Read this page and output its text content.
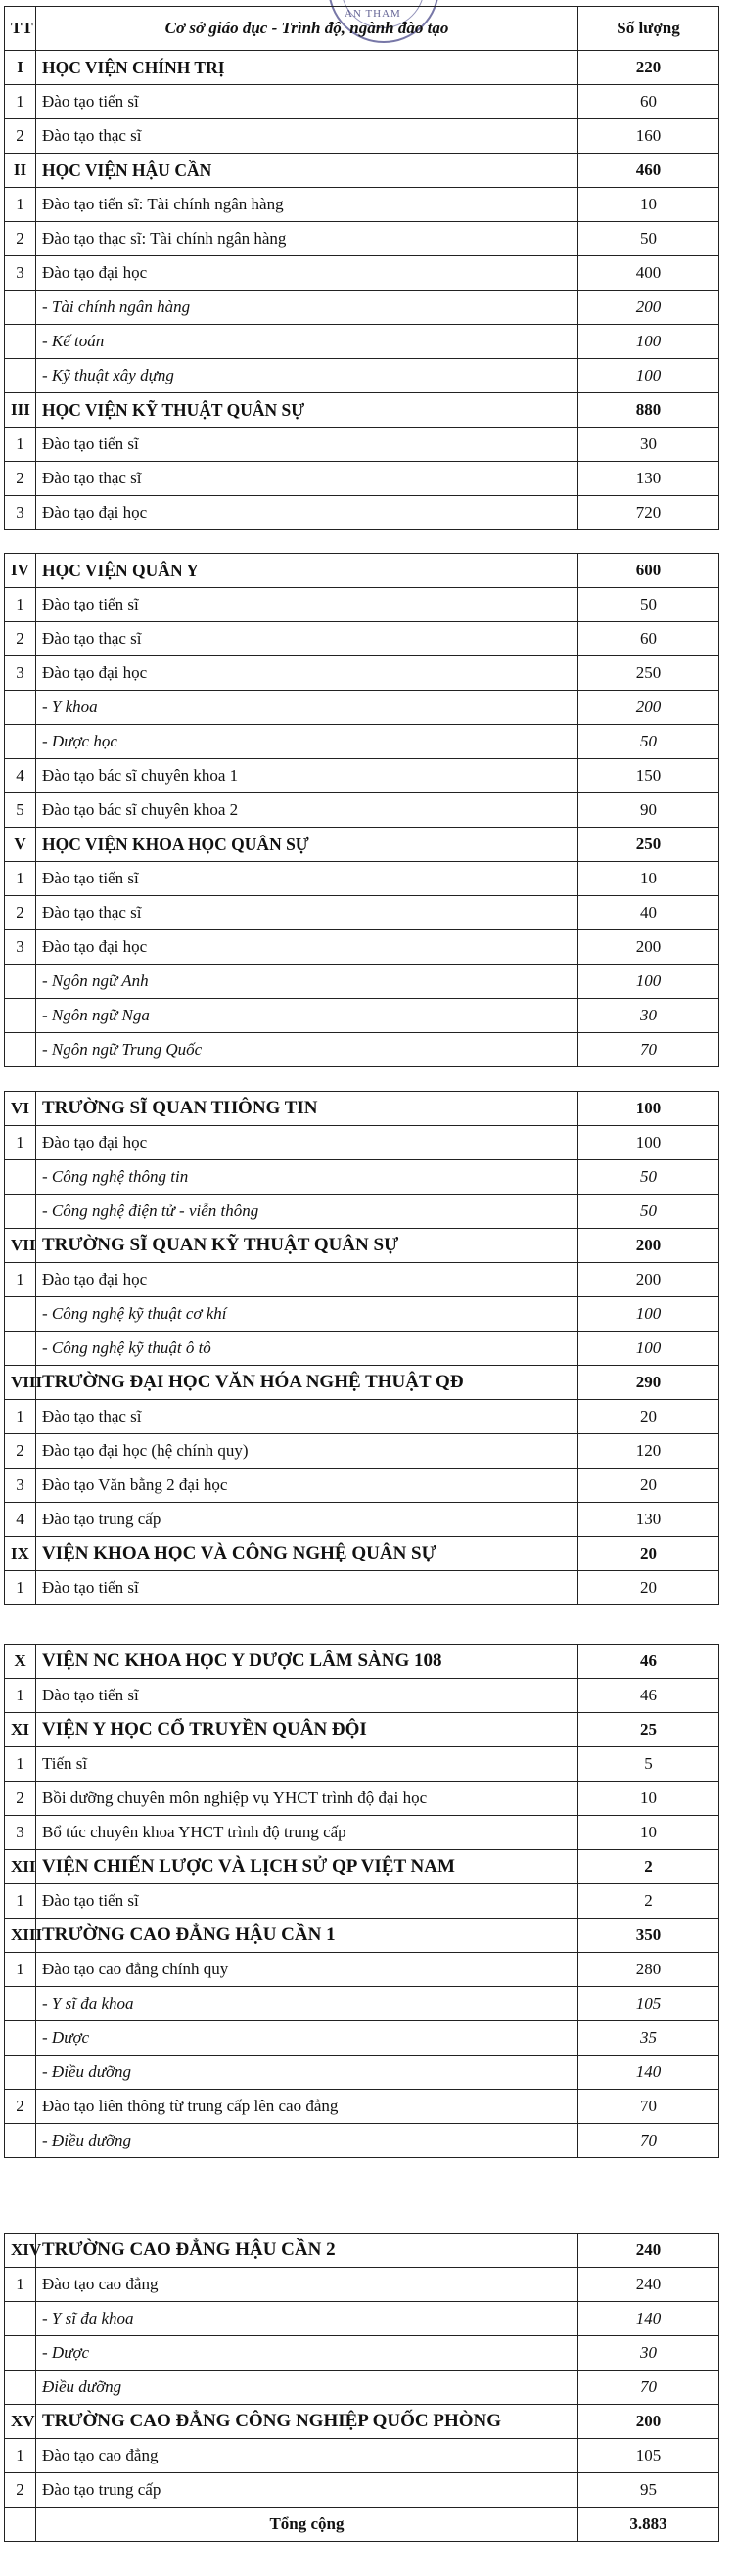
AN THAM
TT	Cơ sở giáo dục - Trình độ, ngành đào tạo	Số lượng
I	HỌC VIỆN CHÍNH TRỊ	220
1	Đào tạo tiến sĩ	60
2	Đào tạo thạc sĩ	160
II	HỌC VIỆN HẬU CẦN	460
1	Đào tạo tiến sĩ: Tài chính ngân hàng	10
2	Đào tạo thạc sĩ: Tài chính ngân hàng	50
3	Đào tạo đại học	400
	- Tài chính ngân hàng	200
	- Kế toán	100
	- Kỹ thuật xây dựng	100
III	HỌC VIỆN KỸ THUẬT QUÂN SỰ	880
1	Đào tạo tiến sĩ	30
2	Đào tạo thạc sĩ	130
3	Đào tạo đại học	720
IV	HỌC VIỆN QUÂN Y	600
1	Đào tạo tiến sĩ	50
2	Đào tạo thạc sĩ	60
3	Đào tạo đại học	250
	- Y khoa	200
	- Dược học	50
4	Đào tạo bác sĩ chuyên khoa 1	150
5	Đào tạo bác sĩ chuyên khoa 2	90
V	HỌC VIỆN KHOA HỌC QUÂN SỰ	250
1	Đào tạo tiến sĩ	10
2	Đào tạo thạc sĩ	40
3	Đào tạo đại học	200
	- Ngôn ngữ Anh	100
	- Ngôn ngữ Nga	30
	- Ngôn ngữ Trung Quốc	70
VI	TRƯỜNG SĨ QUAN THÔNG TIN	100
1	Đào tạo đại học	100
	- Công nghệ thông tin	50
	- Công nghệ điện tử - viễn thông	50
VII	TRƯỜNG SĨ QUAN KỸ THUẬT QUÂN SỰ	200
1	Đào tạo đại học	200
	- Công nghệ kỹ thuật cơ khí	100
	- Công nghệ kỹ thuật ô tô	100
VIII	TRƯỜNG ĐẠI HỌC VĂN HÓA NGHỆ THUẬT QĐ	290
1	Đào tạo thạc sĩ	20
2	Đào tạo đại học (hệ chính quy)	120
3	Đào tạo Văn bằng 2 đại học	20
4	Đào tạo trung cấp	130
IX	VIỆN KHOA HỌC VÀ CÔNG NGHỆ QUÂN SỰ	20
1	Đào tạo tiến sĩ	20
X	VIỆN NC KHOA HỌC Y DƯỢC LÂM SÀNG 108	46
1	Đào tạo tiến sĩ	46
XI	VIỆN Y HỌC CỔ TRUYỀN QUÂN ĐỘI	25
1	Tiến sĩ	5
2	Bồi dưỡng chuyên môn nghiệp vụ YHCT trình độ đại học	10
3	Bổ túc chuyên khoa YHCT trình độ trung cấp	10
XII	VIỆN CHIẾN LƯỢC VÀ LỊCH SỬ QP VIỆT NAM	2
1	Đào tạo tiến sĩ	2
XIII	TRƯỜNG CAO ĐẲNG HẬU CẦN 1	350
1	Đào tạo cao đẳng chính quy	280
	- Y sĩ đa khoa	105
	- Dược	35
	- Điều dưỡng	140
2	Đào tạo liên thông từ trung cấp lên cao đẳng	70
	- Điều dưỡng	70
XIV	TRƯỜNG CAO ĐẲNG HẬU CẦN 2	240
1	Đào tạo cao đẳng	240
	- Y sĩ đa khoa	140
	- Dược	30
	Điều dưỡng	70
XV	TRƯỜNG CAO ĐẲNG CÔNG NGHIỆP QUỐC PHÒNG	200
1	Đào tạo cao đẳng	105
2	Đào tạo trung cấp	95
	Tổng cộng	3.883
